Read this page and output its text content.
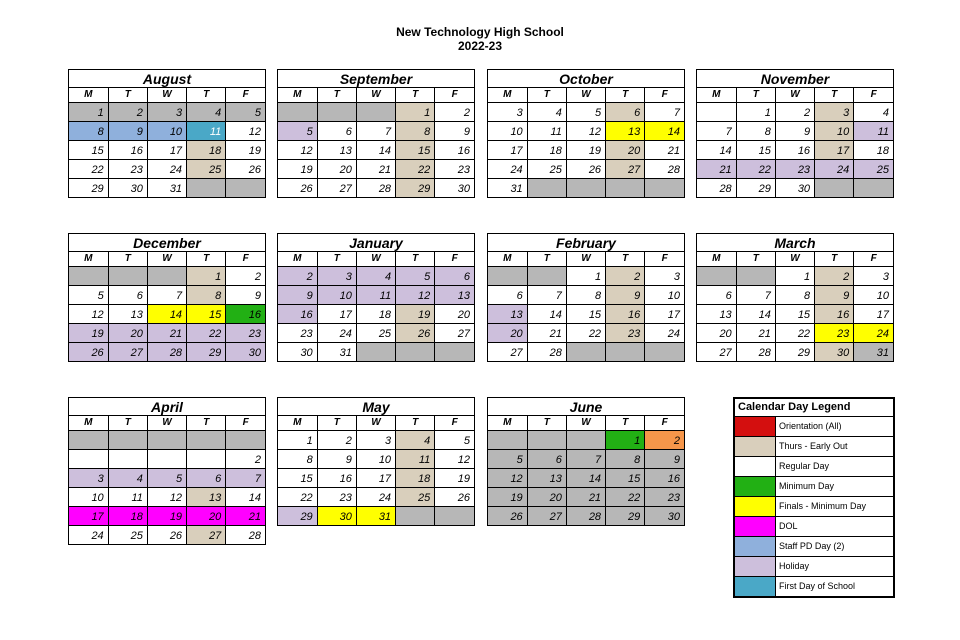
New Technology High School
2022-23
August
M	T	W	T	F
1	2	3	4	5
8	9	10	11	12
15	16	17	18	19
22	23	24	25	26
29	30	31		
September
M	T	W	T	F
			1	2
5	6	7	8	9
12	13	14	15	16
19	20	21	22	23
26	27	28	29	30
October
M	T	W	T	F
3	4	5	6	7
10	11	12	13	14
17	18	19	20	21
24	25	26	27	28
31				
November
M	T	W	T	F
	1	2	3	4
7	8	9	10	11
14	15	16	17	18
21	22	23	24	25
28	29	30		
December
M	T	W	T	F
			1	2
5	6	7	8	9
12	13	14	15	16
19	20	21	22	23
26	27	28	29	30
January
M	T	W	T	F
2	3	4	5	6
9	10	11	12	13
16	17	18	19	20
23	24	25	26	27
30	31			
February
M	T	W	T	F
		1	2	3
6	7	8	9	10
13	14	15	16	17
20	21	22	23	24
27	28			
March
M	T	W	T	F
		1	2	3
6	7	8	9	10
13	14	15	16	17
20	21	22	23	24
27	28	29	30	31
April
M	T	W	T	F

				2
3	4	5	6	7
10	11	12	13	14
17	18	19	20	21
24	25	26	27	28
May
M	T	W	T	F
1	2	3	4	5
8	9	10	11	12
15	16	17	18	19
22	23	24	25	26
29	30	31		
June
M	T	W	T	F
			1	2
5	6	7	8	9
12	13	14	15	16
19	20	21	22	23
26	27	28	29	30
Calendar Day Legend
Orientation (All)
Thurs - Early Out
Regular Day
Minimum Day
Finals - Minimum Day
DOL
Staff PD Day (2)
Holiday
First Day of School
